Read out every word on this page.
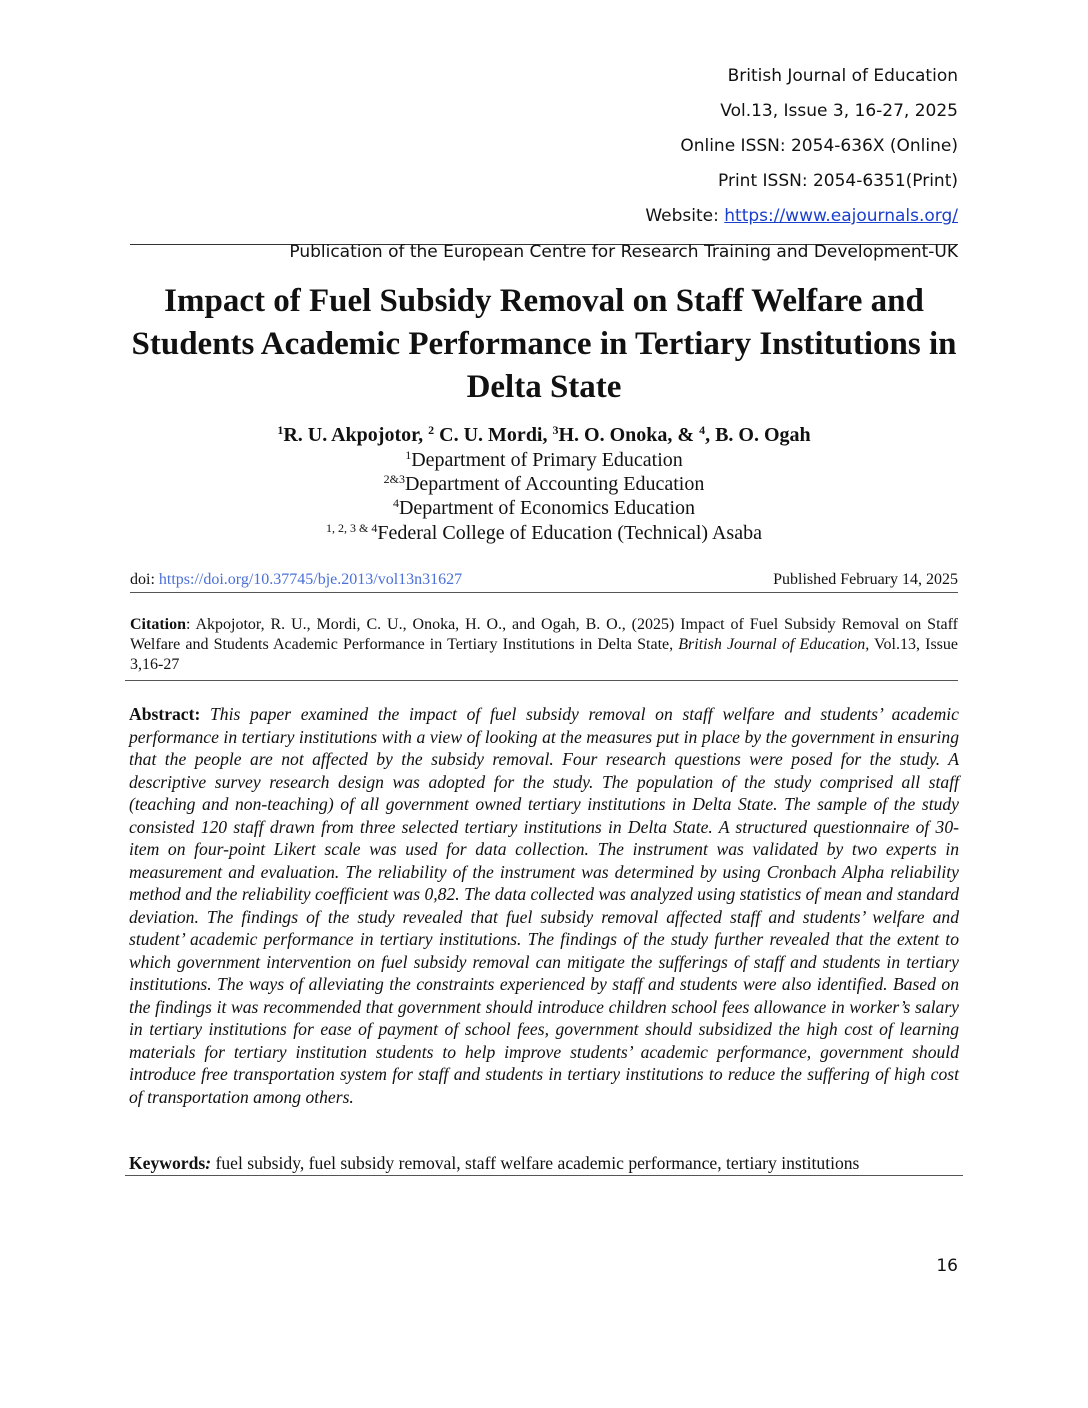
British Journal of Education
Vol.13, Issue 3, 16-27, 2025
Online ISSN: 2054-636X (Online)
Print ISSN: 2054-6351(Print)
Website: https://www.eajournals.org/
Publication of the European Centre for Research Training and Development-UK
Impact of Fuel Subsidy Removal on Staff Welfare and Students Academic Performance in Tertiary Institutions in Delta State
$^1$R. U. Akpojotor, $^2$ C. U. Mordi, $^3$H. O. Onoka, & $^4$, B. O. Ogah
$^1$Department of Primary Education
$^{2\&3}$Department of Accounting Education
$^4$Department of Economics Education
$^{1, 2, 3 \& 4}$Federal College of Education (Technical) Asaba
doi: https://doi.org/10.37745/bje.2013/vol13n31627	Published February 14, 2025
Citation: Akpojotor, R. U., Mordi, C. U., Onoka, H. O., and Ogah, B. O., (2025) Impact of Fuel Subsidy Removal on Staff Welfare and Students Academic Performance in Tertiary Institutions in Delta State, British Journal of Education, Vol.13, Issue 3,16-27
Abstract: This paper examined the impact of fuel subsidy removal on staff welfare and students’ academic performance in tertiary institutions with a view of looking at the measures put in place by the government in ensuring that the people are not affected by the subsidy removal. Four research questions were posed for the study. A descriptive survey research design was adopted for the study. The population of the study comprised all staff (teaching and non-teaching) of all government owned tertiary institutions in Delta State. The sample of the study consisted 120 staff drawn from three selected tertiary institutions in Delta State. A structured questionnaire of 30-item on four-point Likert scale was used for data collection. The instrument was validated by two experts in measurement and evaluation. The reliability of the instrument was determined by using Cronbach Alpha reliability method and the reliability coefficient was 0,82. The data collected was analyzed using statistics of mean and standard deviation. The findings of the study revealed that fuel subsidy removal affected staff and students’ welfare and student’ academic performance in tertiary institutions. The findings of the study further revealed that the extent to which government intervention on fuel subsidy removal can mitigate the sufferings of staff and students in tertiary institutions. The ways of alleviating the constraints experienced by staff and students were also identified. Based on the findings it was recommended that government should introduce children school fees allowance in worker’s salary in tertiary institutions for ease of payment of school fees, government should subsidized the high cost of learning materials for tertiary institution students to help improve students’ academic performance, government should introduce free transportation system for staff and students in tertiary institutions to reduce the suffering of high cost of transportation among others.
Keywords: fuel subsidy, fuel subsidy removal, staff welfare academic performance, tertiary institutions
16
